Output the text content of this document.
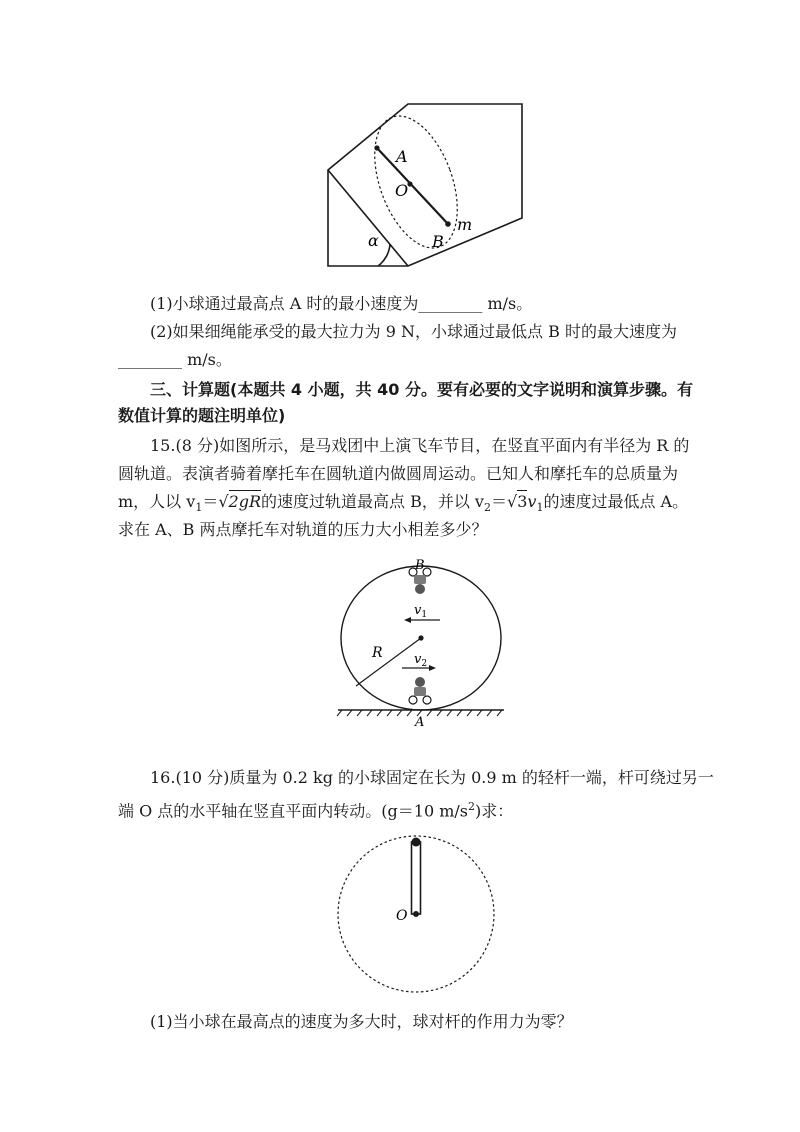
A
O
m
B
α
(1)小球通过最高点 A 时的最小速度为________ m/s。
(2)如果细绳能承受的最大拉力为 9 N，小球通过最低点 B 时的最大速度为
________ m/s。
三、计算题(本题共 4 小题，共 40 分。要有必要的文字说明和演算步骤。有
数值计算的题注明单位)
15.(8 分)如图所示，是马戏团中上演飞车节目，在竖直平面内有半径为 R 的
圆轨道。表演者骑着摩托车在圆轨道内做圆周运动。已知人和摩托车的总质量为
m，人以 $v_1=√2gR$的速度过轨道最高点 B，并以 $v_2=√3v_1$的速度过最低点 A。
求在 A、B 两点摩托车对轨道的压力大小相差多少？
B
$v_1$
R $v_2$
A
16.(10 分)质量为 0.2 kg 的小球固定在长为 0.9 m 的轻杆一端，杆可绕过另一
端 O 点的水平轴在竖直平面内转动。(g＝10 $m/s^2$)求：
O
(1)当小球在最高点的速度为多大时，球对杆的作用力为零？
